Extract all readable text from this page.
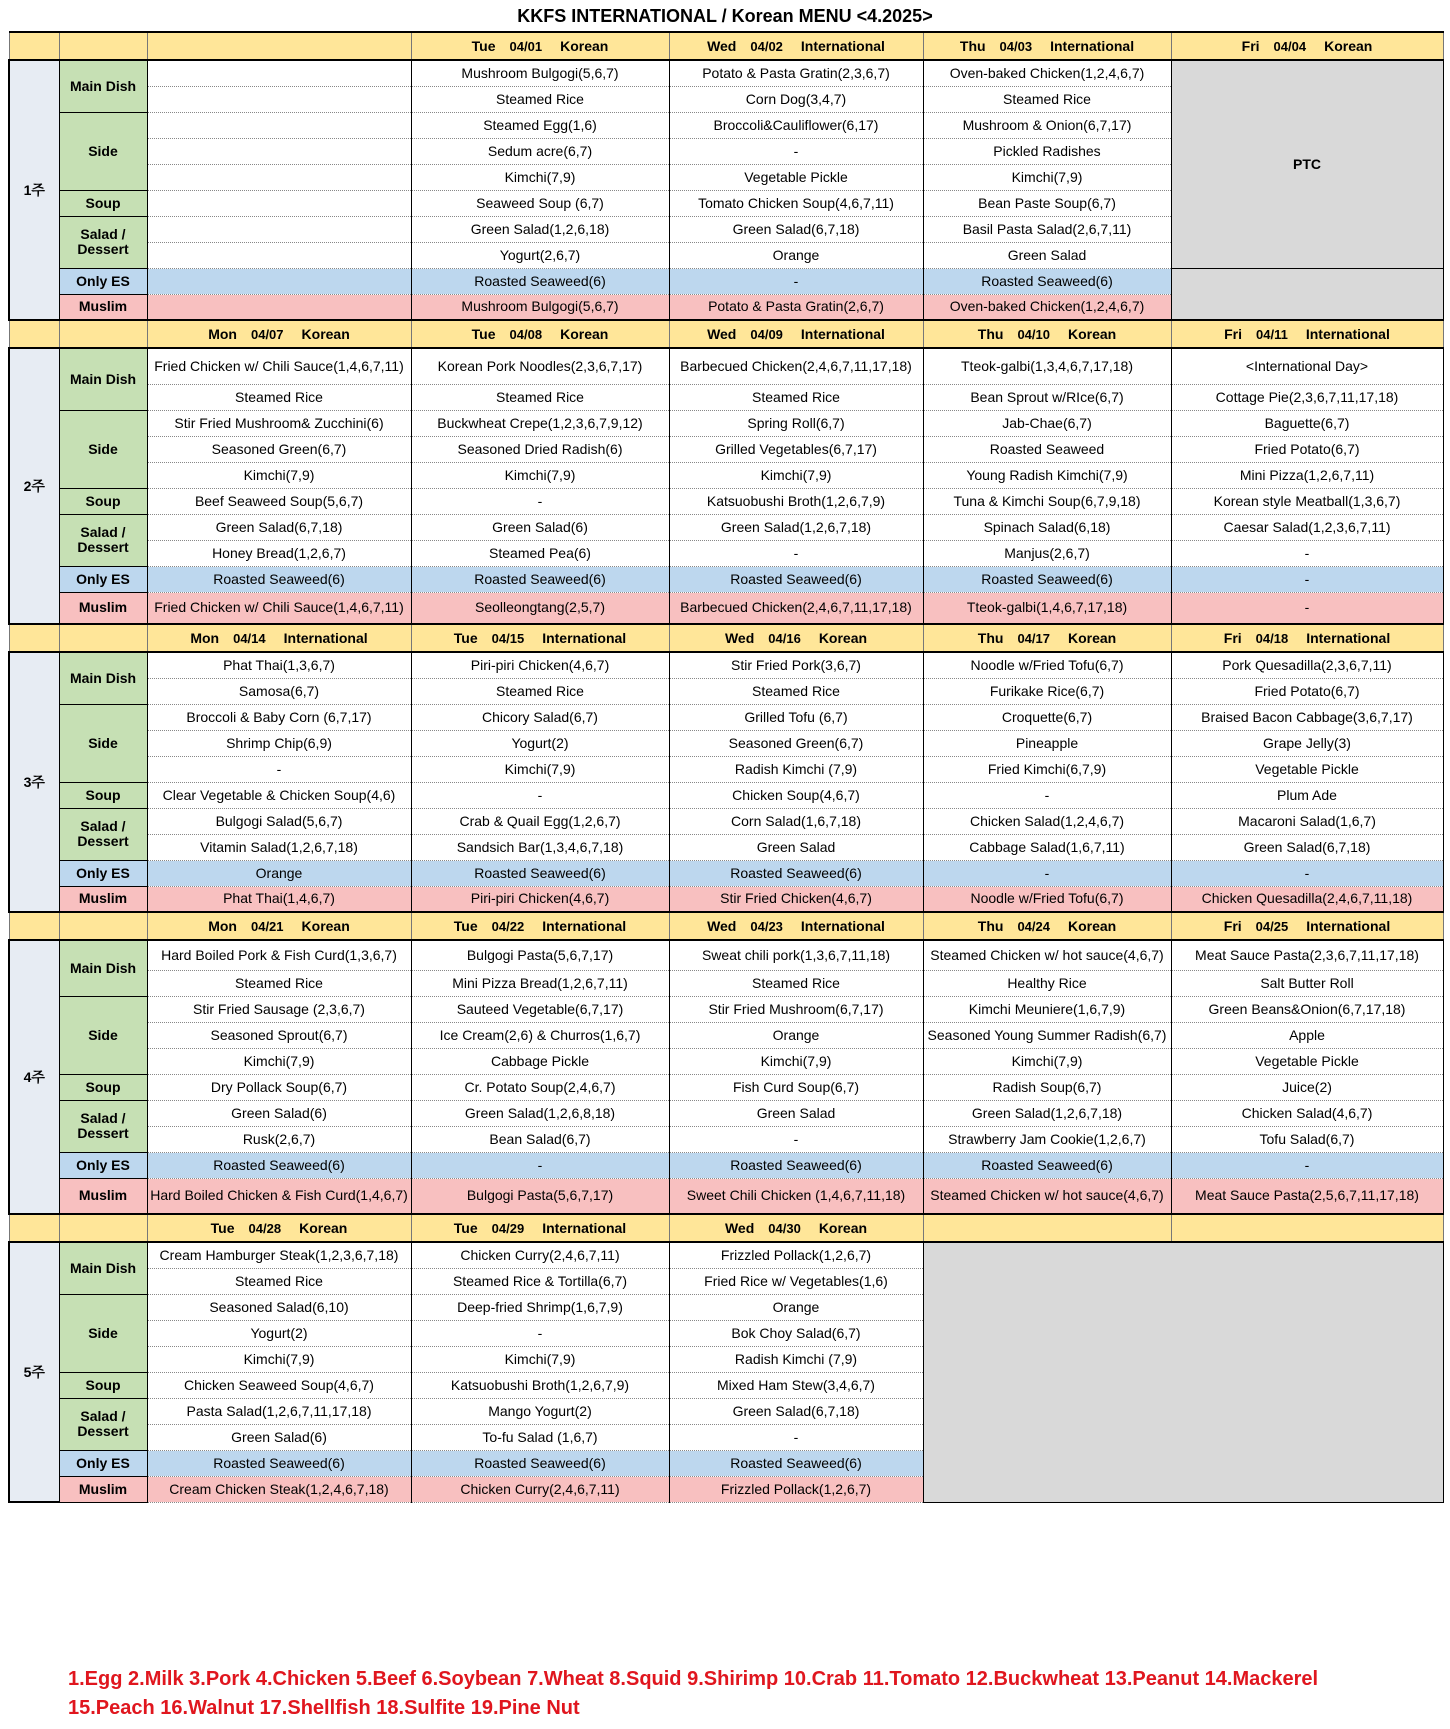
KKFS INTERNATIONAL / Korean MENU <4.2025>
			Tue 04/01 Korean	Wed 04/02 International	Thu 04/03 International	Fri 04/04 Korean
1주	Main Dish		Mushroom Bulgogi(5,6,7)	Potato & Pasta Gratin(2,3,6,7)	Oven-baked Chicken(1,2,4,6,7)	PTC
			Steamed Rice	Corn Dog(3,4,7)	Steamed Rice	
	Side		Steamed Egg(1,6)	Broccoli&Cauliflower(6,17)	Mushroom & Onion(6,7,17)	
			Sedum acre(6,7)	-	Pickled Radishes	
			Kimchi(7,9)	Vegetable Pickle	Kimchi(7,9)	
	Soup		Seaweed Soup (6,7)	Tomato Chicken Soup(4,6,7,11)	Bean Paste Soup(6,7)	
	Salad / Dessert		Green Salad(1,2,6,18)	Green Salad(6,7,18)	Basil Pasta Salad(2,6,7,11)	
			Yogurt(2,6,7)	Orange	Green Salad	
	Only ES		Roasted Seaweed(6)	-	Roasted Seaweed(6)	
	Muslim		Mushroom Bulgogi(5,6,7)	Potato & Pasta Gratin(2,6,7)	Oven-baked Chicken(1,2,4,6,7)	
		Mon 04/07 Korean	Tue 04/08 Korean	Wed 04/09 International	Thu 04/10 Korean	Fri 04/11 International
2주	Main Dish	Fried Chicken w/ Chili Sauce(1,4,6,7,11)	Korean Pork Noodles(2,3,6,7,17)	Barbecued Chicken(2,4,6,7,11,17,18)	Tteok-galbi(1,3,4,6,7,17,18)	<International Day>
		Steamed Rice	Steamed Rice	Steamed Rice	Bean Sprout w/RIce(6,7)	Cottage Pie(2,3,6,7,11,17,18)
	Side	Stir Fried Mushroom& Zucchini(6)	Buckwheat Crepe(1,2,3,6,7,9,12)	Spring Roll(6,7)	Jab-Chae(6,7)	Baguette(6,7)
		Seasoned Green(6,7)	Seasoned Dried Radish(6)	Grilled Vegetables(6,7,17)	Roasted Seaweed	Fried Potato(6,7)
		Kimchi(7,9)	Kimchi(7,9)	Kimchi(7,9)	Young Radish Kimchi(7,9)	Mini Pizza(1,2,6,7,11)
	Soup	Beef Seaweed Soup(5,6,7)	-	Katsuobushi Broth(1,2,6,7,9)	Tuna & Kimchi Soup(6,7,9,18)	Korean style Meatball(1,3,6,7)
	Salad / Dessert	Green Salad(6,7,18)	Green Salad(6)	Green Salad(1,2,6,7,18)	Spinach Salad(6,18)	Caesar Salad(1,2,3,6,7,11)
		Honey Bread(1,2,6,7)	Steamed Pea(6)	-	Manjus(2,6,7)	-
	Only ES	Roasted Seaweed(6)	Roasted Seaweed(6)	Roasted Seaweed(6)	Roasted Seaweed(6)	-
	Muslim	Fried Chicken w/ Chili Sauce(1,4,6,7,11)	Seolleongtang(2,5,7)	Barbecued Chicken(2,4,6,7,11,17,18)	Tteok-galbi(1,4,6,7,17,18)	-
		Mon 04/14 International	Tue 04/15 International	Wed 04/16 Korean	Thu 04/17 Korean	Fri 04/18 International
3주	Main Dish	Phat Thai(1,3,6,7)	Piri-piri Chicken(4,6,7)	Stir Fried Pork(3,6,7)	Noodle w/Fried Tofu(6,7)	Pork Quesadilla(2,3,6,7,11)
		Samosa(6,7)	Steamed Rice	Steamed Rice	Furikake Rice(6,7)	Fried Potato(6,7)
	Side	Broccoli & Baby Corn (6,7,17)	Chicory Salad(6,7)	Grilled Tofu (6,7)	Croquette(6,7)	Braised Bacon Cabbage(3,6,7,17)
		Shrimp Chip(6,9)	Yogurt(2)	Seasoned Green(6,7)	Pineapple	Grape Jelly(3)
		-	Kimchi(7,9)	Radish Kimchi (7,9)	Fried Kimchi(6,7,9)	Vegetable Pickle
	Soup	Clear Vegetable & Chicken Soup(4,6)	-	Chicken Soup(4,6,7)	-	Plum Ade
	Salad / Dessert	Bulgogi Salad(5,6,7)	Crab & Quail Egg(1,2,6,7)	Corn Salad(1,6,7,18)	Chicken Salad(1,2,4,6,7)	Macaroni Salad(1,6,7)
		Vitamin Salad(1,2,6,7,18)	Sandsich Bar(1,3,4,6,7,18)	Green Salad	Cabbage Salad(1,6,7,11)	Green Salad(6,7,18)
	Only ES	Orange	Roasted Seaweed(6)	Roasted Seaweed(6)	-	-
	Muslim	Phat Thai(1,4,6,7)	Piri-piri Chicken(4,6,7)	Stir Fried Chicken(4,6,7)	Noodle w/Fried Tofu(6,7)	Chicken Quesadilla(2,4,6,7,11,18)
		Mon 04/21 Korean	Tue 04/22 International	Wed 04/23 International	Thu 04/24 Korean	Fri 04/25 International
4주	Main Dish	Hard Boiled Pork & Fish Curd(1,3,6,7)	Bulgogi Pasta(5,6,7,17)	Sweat chili pork(1,3,6,7,11,18)	Steamed Chicken w/ hot sauce(4,6,7)	Meat Sauce Pasta(2,3,6,7,11,17,18)
		Steamed Rice	Mini Pizza Bread(1,2,6,7,11)	Steamed Rice	Healthy Rice	Salt Butter Roll
	Side	Stir Fried Sausage (2,3,6,7)	Sauteed Vegetable(6,7,17)	Stir Fried Mushroom(6,7,17)	Kimchi Meuniere(1,6,7,9)	Green Beans&Onion(6,7,17,18)
		Seasoned Sprout(6,7)	Ice Cream(2,6) & Churros(1,6,7)	Orange	Seasoned Young Summer Radish(6,7)	Apple
		Kimchi(7,9)	Cabbage Pickle	Kimchi(7,9)	Kimchi(7,9)	Vegetable Pickle
	Soup	Dry Pollack Soup(6,7)	Cr. Potato Soup(2,4,6,7)	Fish Curd Soup(6,7)	Radish Soup(6,7)	Juice(2)
	Salad / Dessert	Green Salad(6)	Green Salad(1,2,6,8,18)	Green Salad	Green Salad(1,2,6,7,18)	Chicken Salad(4,6,7)
		Rusk(2,6,7)	Bean Salad(6,7)	-	Strawberry Jam Cookie(1,2,6,7)	Tofu Salad(6,7)
	Only ES	Roasted Seaweed(6)	-	Roasted Seaweed(6)	Roasted Seaweed(6)	-
	Muslim	Hard Boiled Chicken & Fish Curd(1,4,6,7)	Bulgogi Pasta(5,6,7,17)	Sweet Chili Chicken (1,4,6,7,11,18)	Steamed Chicken w/ hot sauce(4,6,7)	Meat Sauce Pasta(2,5,6,7,11,17,18)
		Tue 04/28 Korean	Tue 04/29 International	Wed 04/30 Korean		
5주	Main Dish	Cream Hamburger Steak(1,2,3,6,7,18)	Chicken Curry(2,4,6,7,11)	Frizzled Pollack(1,2,6,7)		
		Steamed Rice	Steamed Rice & Tortilla(6,7)	Fried Rice w/ Vegetables(1,6)		
	Side	Seasoned Salad(6,10)	Deep-fried Shrimp(1,6,7,9)	Orange		
		Yogurt(2)	-	Bok Choy Salad(6,7)		
		Kimchi(7,9)	Kimchi(7,9)	Radish Kimchi (7,9)		
	Soup	Chicken Seaweed Soup(4,6,7)	Katsuobushi Broth(1,2,6,7,9)	Mixed Ham Stew(3,4,6,7)		
	Salad / Dessert	Pasta Salad(1,2,6,7,11,17,18)	Mango Yogurt(2)	Green Salad(6,7,18)		
		Green Salad(6)	To-fu Salad (1,6,7)	-		
	Only ES	Roasted Seaweed(6)	Roasted Seaweed(6)	Roasted Seaweed(6)		
	Muslim	Cream Chicken Steak(1,2,4,6,7,18)	Chicken Curry(2,4,6,7,11)	Frizzled Pollack(1,2,6,7)		
1.Egg 2.Milk 3.Pork 4.Chicken 5.Beef 6.Soybean 7.Wheat 8.Squid 9.Shirimp 10.Crab 11.Tomato 12.Buckwheat 13.Peanut 14.Mackerel
15.Peach 16.Walnut 17.Shellfish 18.Sulfite 19.Pine Nut
